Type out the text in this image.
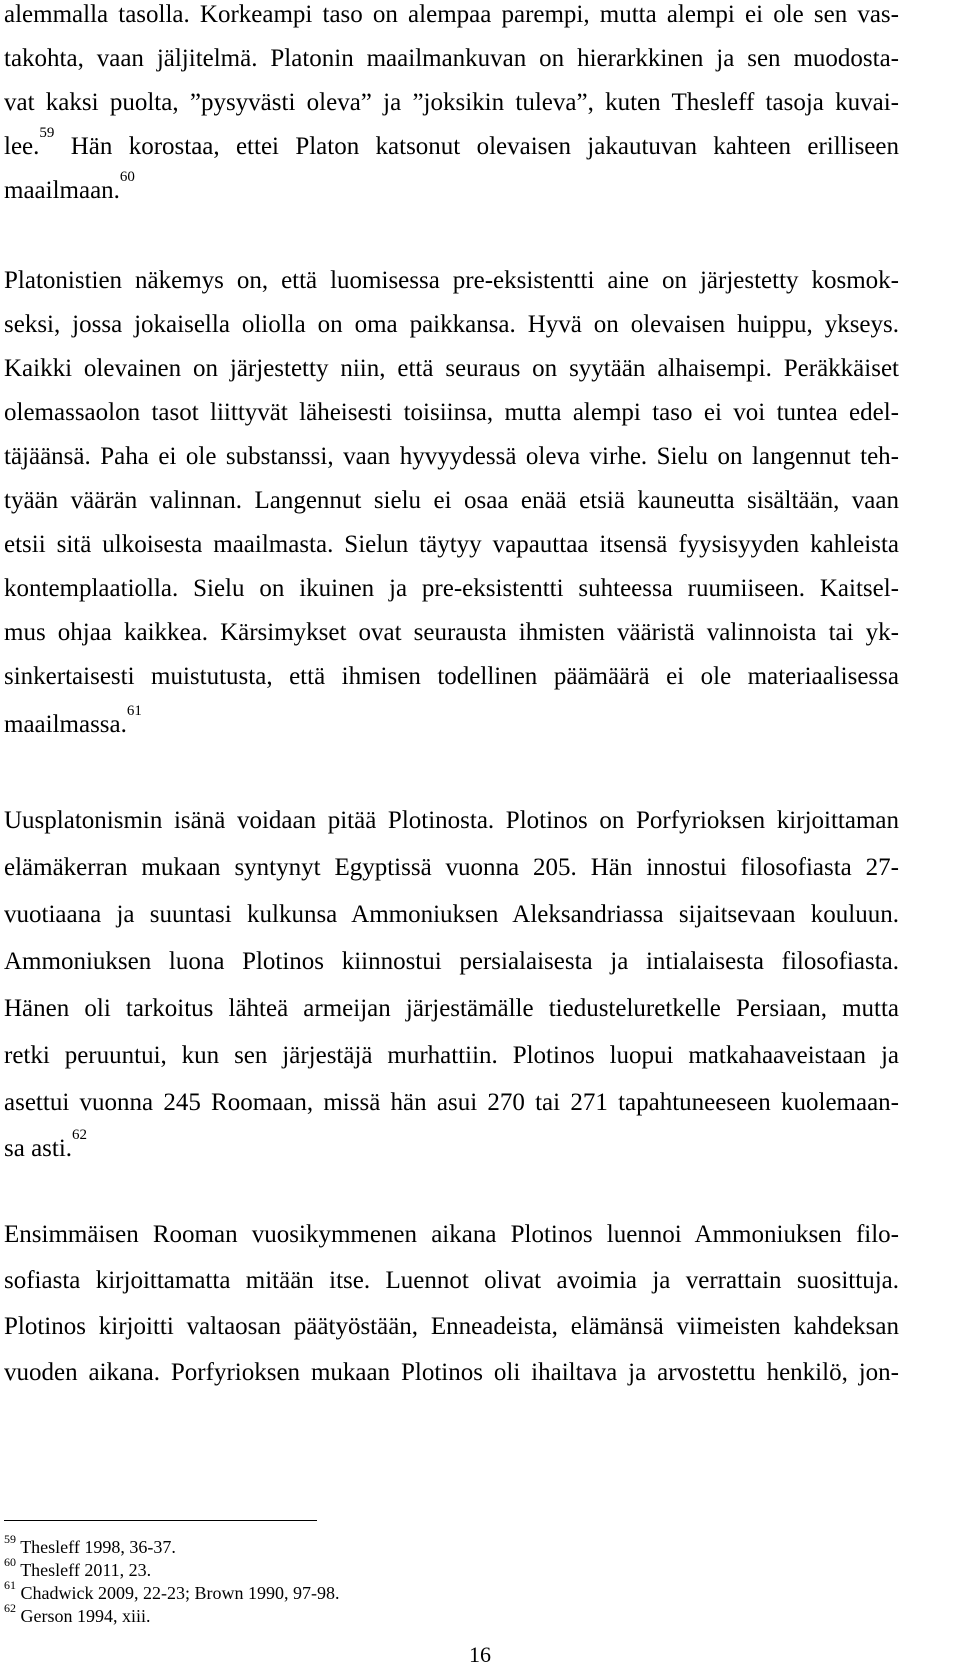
alemmalla tasolla. Korkeampi taso on alempaa parempi, mutta alempi ei ole sen vas-
takohta, vaan jäljitelmä. Platonin maailmankuvan on hierarkkinen ja sen muodosta-
vat kaksi puolta, ”pysyvästi oleva” ja ”joksikin tuleva”, kuten Thesleff tasoja kuvai-
lee.$^{59}$ Hän korostaa, ettei Platon katsonut olevaisen jakautuvan kahteen erilliseen
maailmaan.$^{60}$
Platonistien näkemys on, että luomisessa pre-eksistentti aine on järjestetty kosmok-
seksi, jossa jokaisella oliolla on oma paikkansa. Hyvä on olevaisen huippu, ykseys.
Kaikki olevainen on järjestetty niin, että seuraus on syytään alhaisempi. Peräkkäiset
olemassaolon tasot liittyvät läheisesti toisiinsa, mutta alempi taso ei voi tuntea edel-
täjäänsä. Paha ei ole substanssi, vaan hyvyydessä oleva virhe. Sielu on langennut teh-
tyään väärän valinnan. Langennut sielu ei osaa enää etsiä kauneutta sisältään, vaan
etsii sitä ulkoisesta maailmasta. Sielun täytyy vapauttaa itsensä fyysisyyden kahleista
kontemplaatiolla. Sielu on ikuinen ja pre-eksistentti suhteessa ruumiiseen. Kaitsel-
mus ohjaa kaikkea. Kärsimykset ovat seurausta ihmisten vääristä valinnoista tai yk-
sinkertaisesti muistutusta, että ihmisen todellinen päämäärä ei ole materiaalisessa
maailmassa.$^{61}$
Uusplatonismin isänä voidaan pitää Plotinosta. Plotinos on Porfyrioksen kirjoittaman
elämäkerran mukaan syntynyt Egyptissä vuonna 205. Hän innostui filosofiasta 27-
vuotiaana ja suuntasi kulkunsa Ammoniuksen Aleksandriassa sijaitsevaan kouluun.
Ammoniuksen luona Plotinos kiinnostui persialaisesta ja intialaisesta filosofiasta.
Hänen oli tarkoitus lähteä armeijan järjestämälle tiedusteluretkelle Persiaan, mutta
retki peruuntui, kun sen järjestäjä murhattiin. Plotinos luopui matkahaaveistaan ja
asettui vuonna 245 Roomaan, missä hän asui 270 tai 271 tapahtuneeseen kuolemaan-
sa asti.$^{62}$
Ensimmäisen Rooman vuosikymmenen aikana Plotinos luennoi Ammoniuksen filo-
sofiasta kirjoittamatta mitään itse. Luennot olivat avoimia ja verrattain suosittuja.
Plotinos kirjoitti valtaosan päätyöstään, Enneadeista, elämänsä viimeisten kahdeksan
vuoden aikana. Porfyrioksen mukaan Plotinos oli ihailtava ja arvostettu henkilö, jon-
$^{59}$ Thesleff 1998, 36-37.
$^{60}$ Thesleff 2011, 23.
$^{61}$ Chadwick 2009, 22-23; Brown 1990, 97-98.
$^{62}$ Gerson 1994, xiii.
16
